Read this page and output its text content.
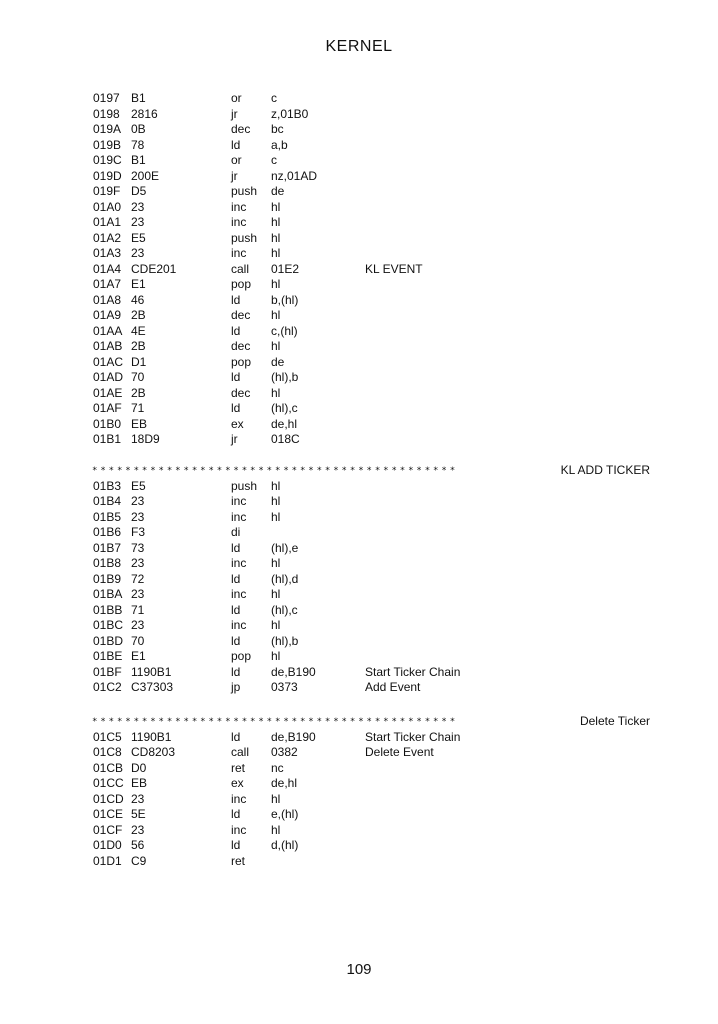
KERNEL
0197 B1	or c
0198 2816	jr	z,01B0
019A 0B	dec bc
019B 78	ld	a,b
019C B1	or c
019D 200E	jr	nz,01AD
019F D5	push de
01A0 23	inc hl
01A1 23	inc hl
01A2 E5	push hl
01A3 23	inc hl
01A4 CDE201	call 01E2	KL EVENT
01A7 E1	pop hl
01A8 46	ld	b,(hl)
01A9 2B	dec hl
01AA 4E	ld	c,(hl)
01AB 2B	dec hl
01AC D1	pop de
01AD 70	ld	(hl),b
01AE 2B	dec hl
01AF 71	ld	(hl),c
01B0 EB	ex de,hl
01B1 18D9	jr	018C
********************************************	KL ADD TICKER
01B3 E5	push hl
01B4 23	inc hl
01B5 23	inc hl
01B6 F3	di
01B7 73	ld	(hl),e
01B8 23	inc hl
01B9 72	ld	(hl),d
01BA 23	inc hl
01BB 71	ld	(hl),c
01BC 23	inc hl
01BD 70	ld	(hl),b
01BE E1	pop hl
01BF 1190B1	ld	de,B190	Start Ticker Chain
01C2 C37303	jp	0373	Add Event
********************************************	Delete Ticker
01C5 1190B1	ld	de,B190	Start Ticker Chain
01C8 CD8203	call 0382	Delete Event
01CB D0	ret nc
01CC EB	ex de,hl
01CD 23	inc hl
01CE 5E	ld	e,(hl)
01CF 23	inc hl
01D0 56	ld	d,(hl)
01D1 C9	ret
109
